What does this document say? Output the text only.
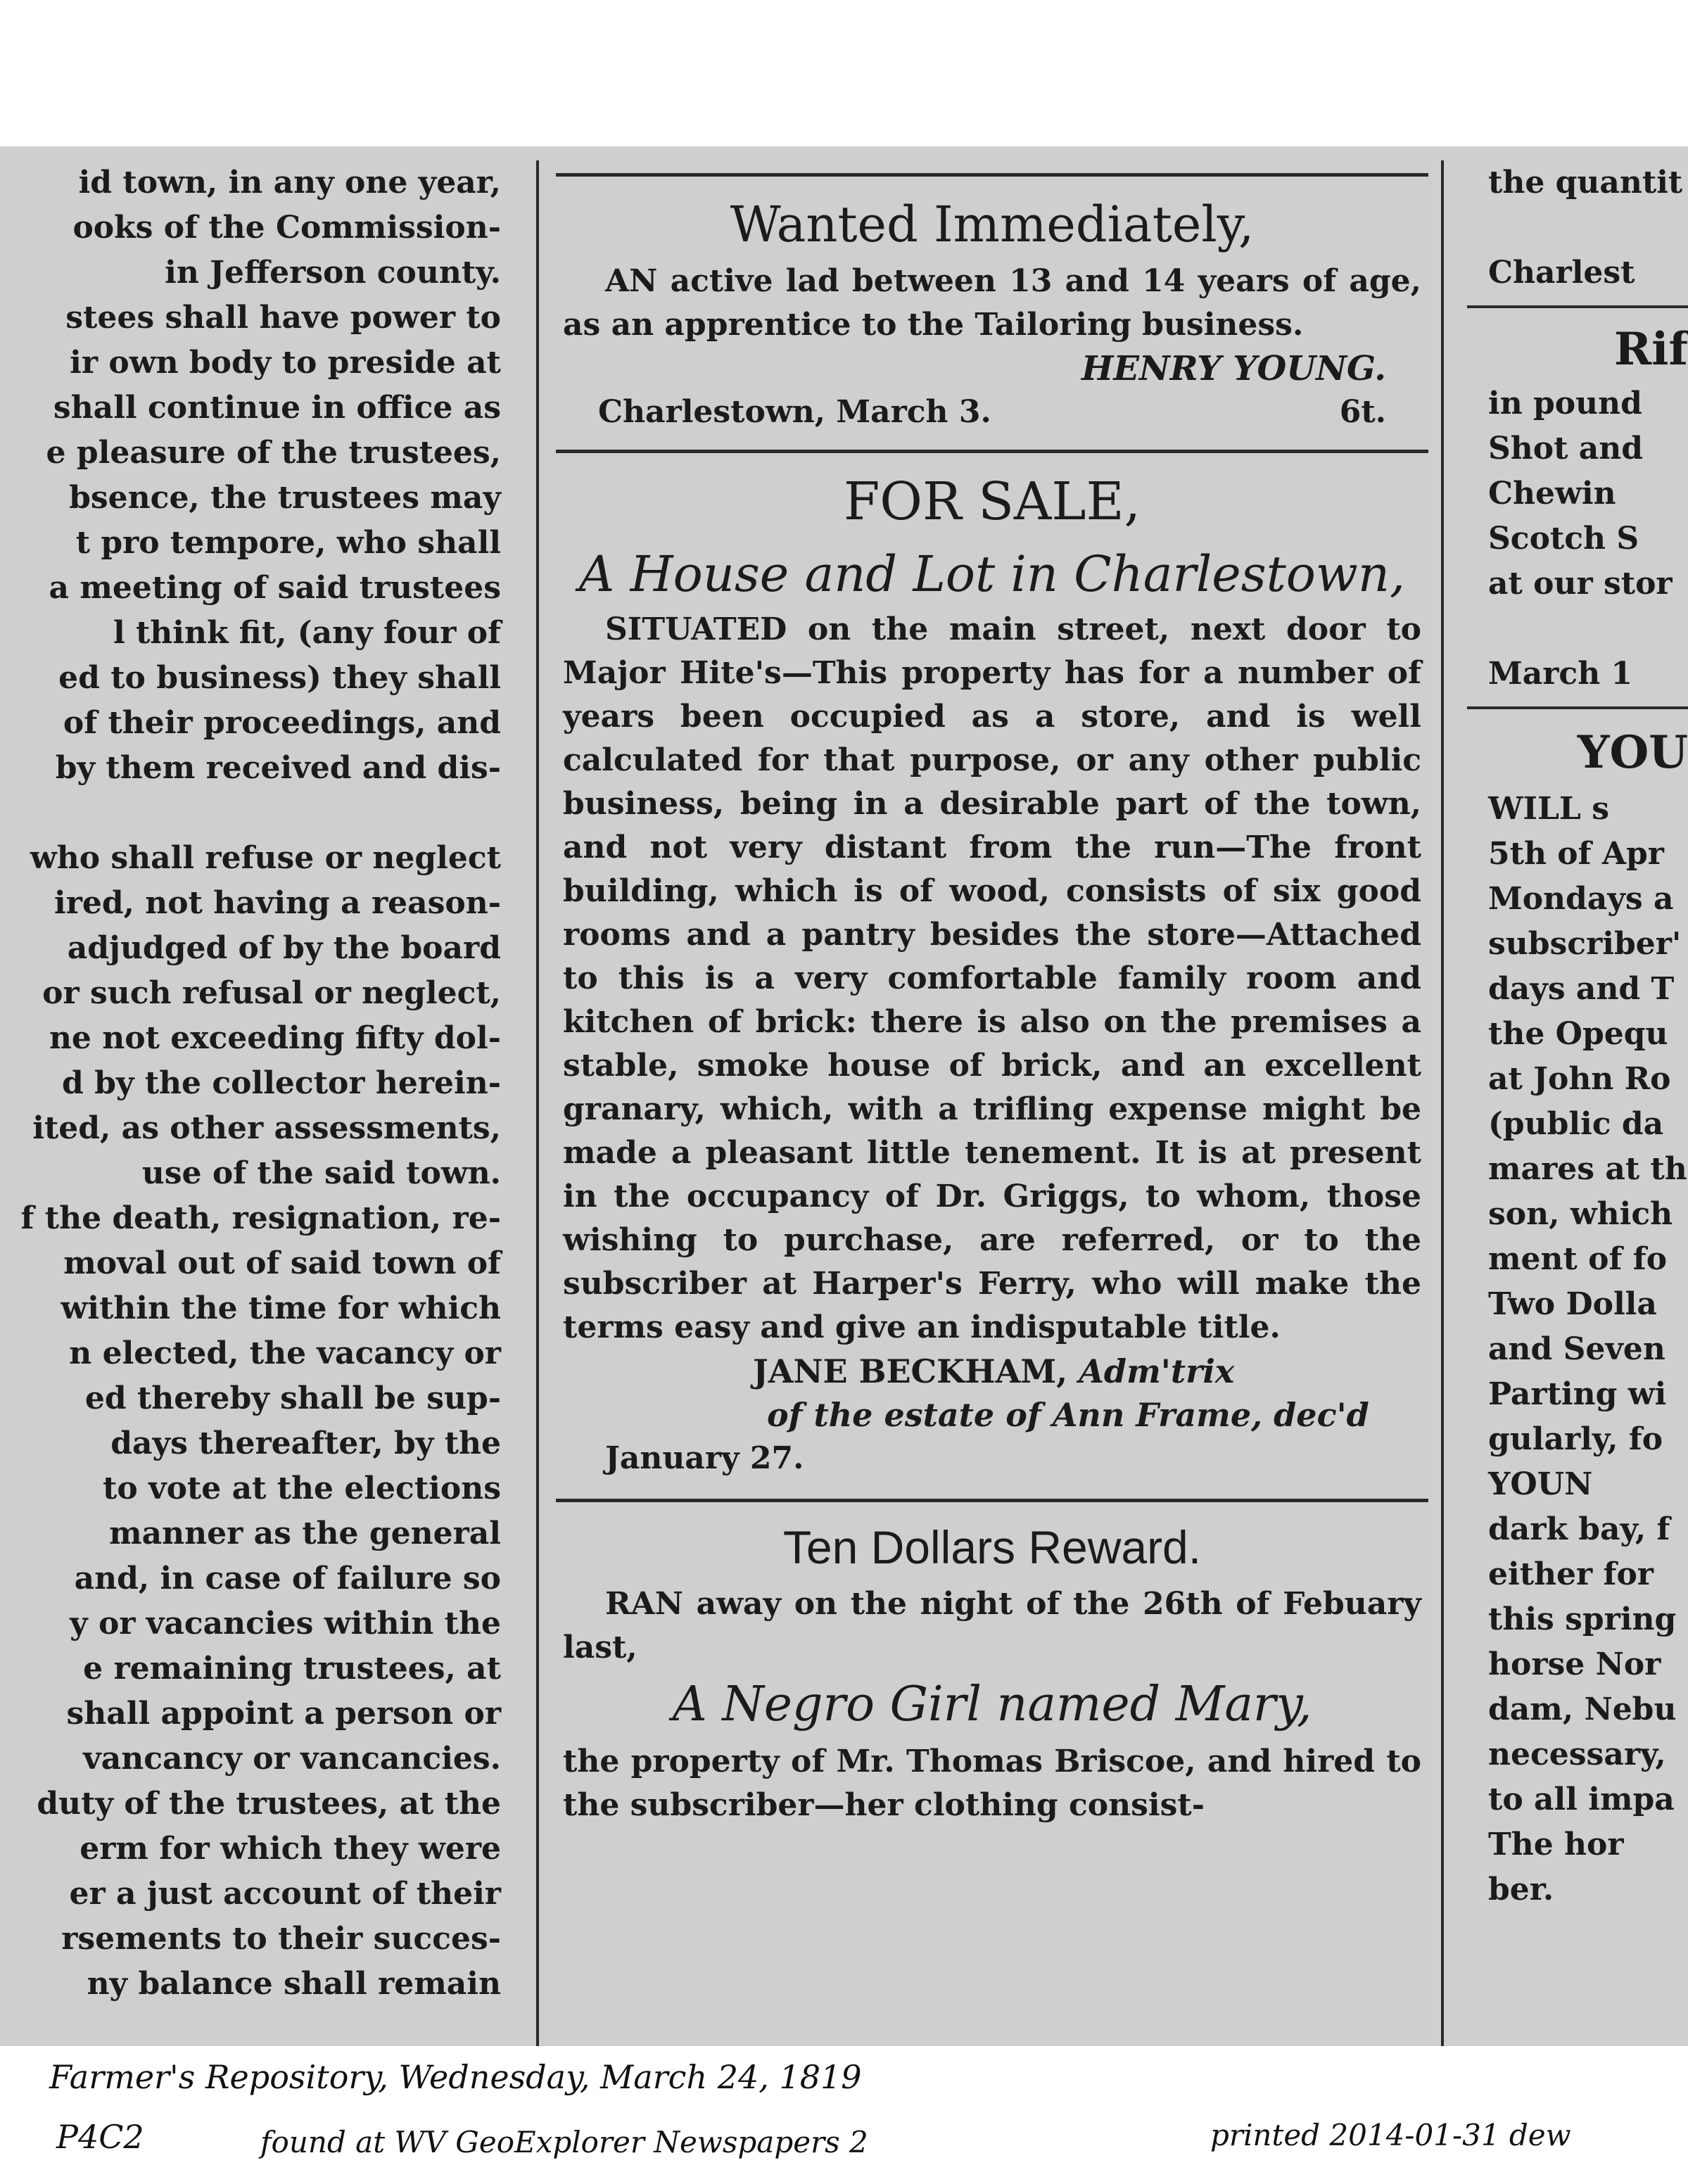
id town, in any one year,
ooks of the Commission-
in Jefferson county.
stees shall have power to
ir own body to preside at
shall continue in office as
e pleasure of the trustees,
bsence, the trustees may
t pro tempore, who shall
a meeting of said trustees
l think fit, (any four of
ed to business) they shall
of their proceedings, and
by them received and dis-
who shall refuse or neglect
ired, not having a reason-
adjudged of by the board
or such refusal or neglect,
ne not exceeding fifty dol-
d by the collector herein-
ited, as other assessments,
use of the said town.
f the death, resignation, re-
moval out of said town of
within the time for which
n elected, the vacancy or
ed thereby shall be sup-
days thereafter, by the
to vote at the elections
manner as the general
and, in case of failure so
y or vacancies within the
e remaining trustees, at
shall appoint a person or
vancancy or vancancies.
duty of the trustees, at the
erm for which they were
er a just account of their
rsements to their succes-
ny balance shall remain
Wanted Immediately,
AN active lad between 13 and 14 years of age, as an apprentice to the Tailoring business.
HENRY YOUNG.
Charlestown, March 3.	6t.
FOR SALE,
A House and Lot in Charlestown,
SITUATED on the main street, next door to Major Hite's—This property has for a number of years been occupied as a store, and is well calculated for that purpose, or any other public business, being in a desirable part of the town, and not very distant from the run—The front building, which is of wood, consists of six good rooms and a pantry besides the store—Attached to this is a very comfortable family room and kitchen of brick: there is also on the premises a stable, smoke house of brick, and an excellent granary, which, with a trifling expense might be made a pleasant little tenement. It is at present in the occupancy of Dr. Griggs, to whom, those wishing to purchase, are referred, or to the subscriber at Harper's Ferry, who will make the terms easy and give an indisputable title.
JANE BECKHAM, Adm'trix
of the estate of Ann Frame, dec'd
January 27.
Ten Dollars Reward.
RAN away on the night of the 26th of Febuary last,
A Negro Girl named Mary,
the property of Mr. Thomas Briscoe, and hired to the subscriber—her clothing consist-
the quantit
Charlest
Rif
in pound
Shot and
Chewin
Scotch S
at our stor
March 1
YOU
WILL s
5th of Apr
Mondays a
subscriber'
days and T
the Opequ
at John Ro
(public da
mares at th
son, which
ment of fo
Two Dolla
and Seven
Parting wi
gularly, fo
YOUN
dark bay, f
either for
this spring
horse Nor
dam, Nebu
necessary,
to all impa
The hor
ber.
Farmer's Repository, Wednesday, March 24, 1819
P4C2	found at WV GeoExplorer Newspapers 2	printed 2014-01-31 dew
